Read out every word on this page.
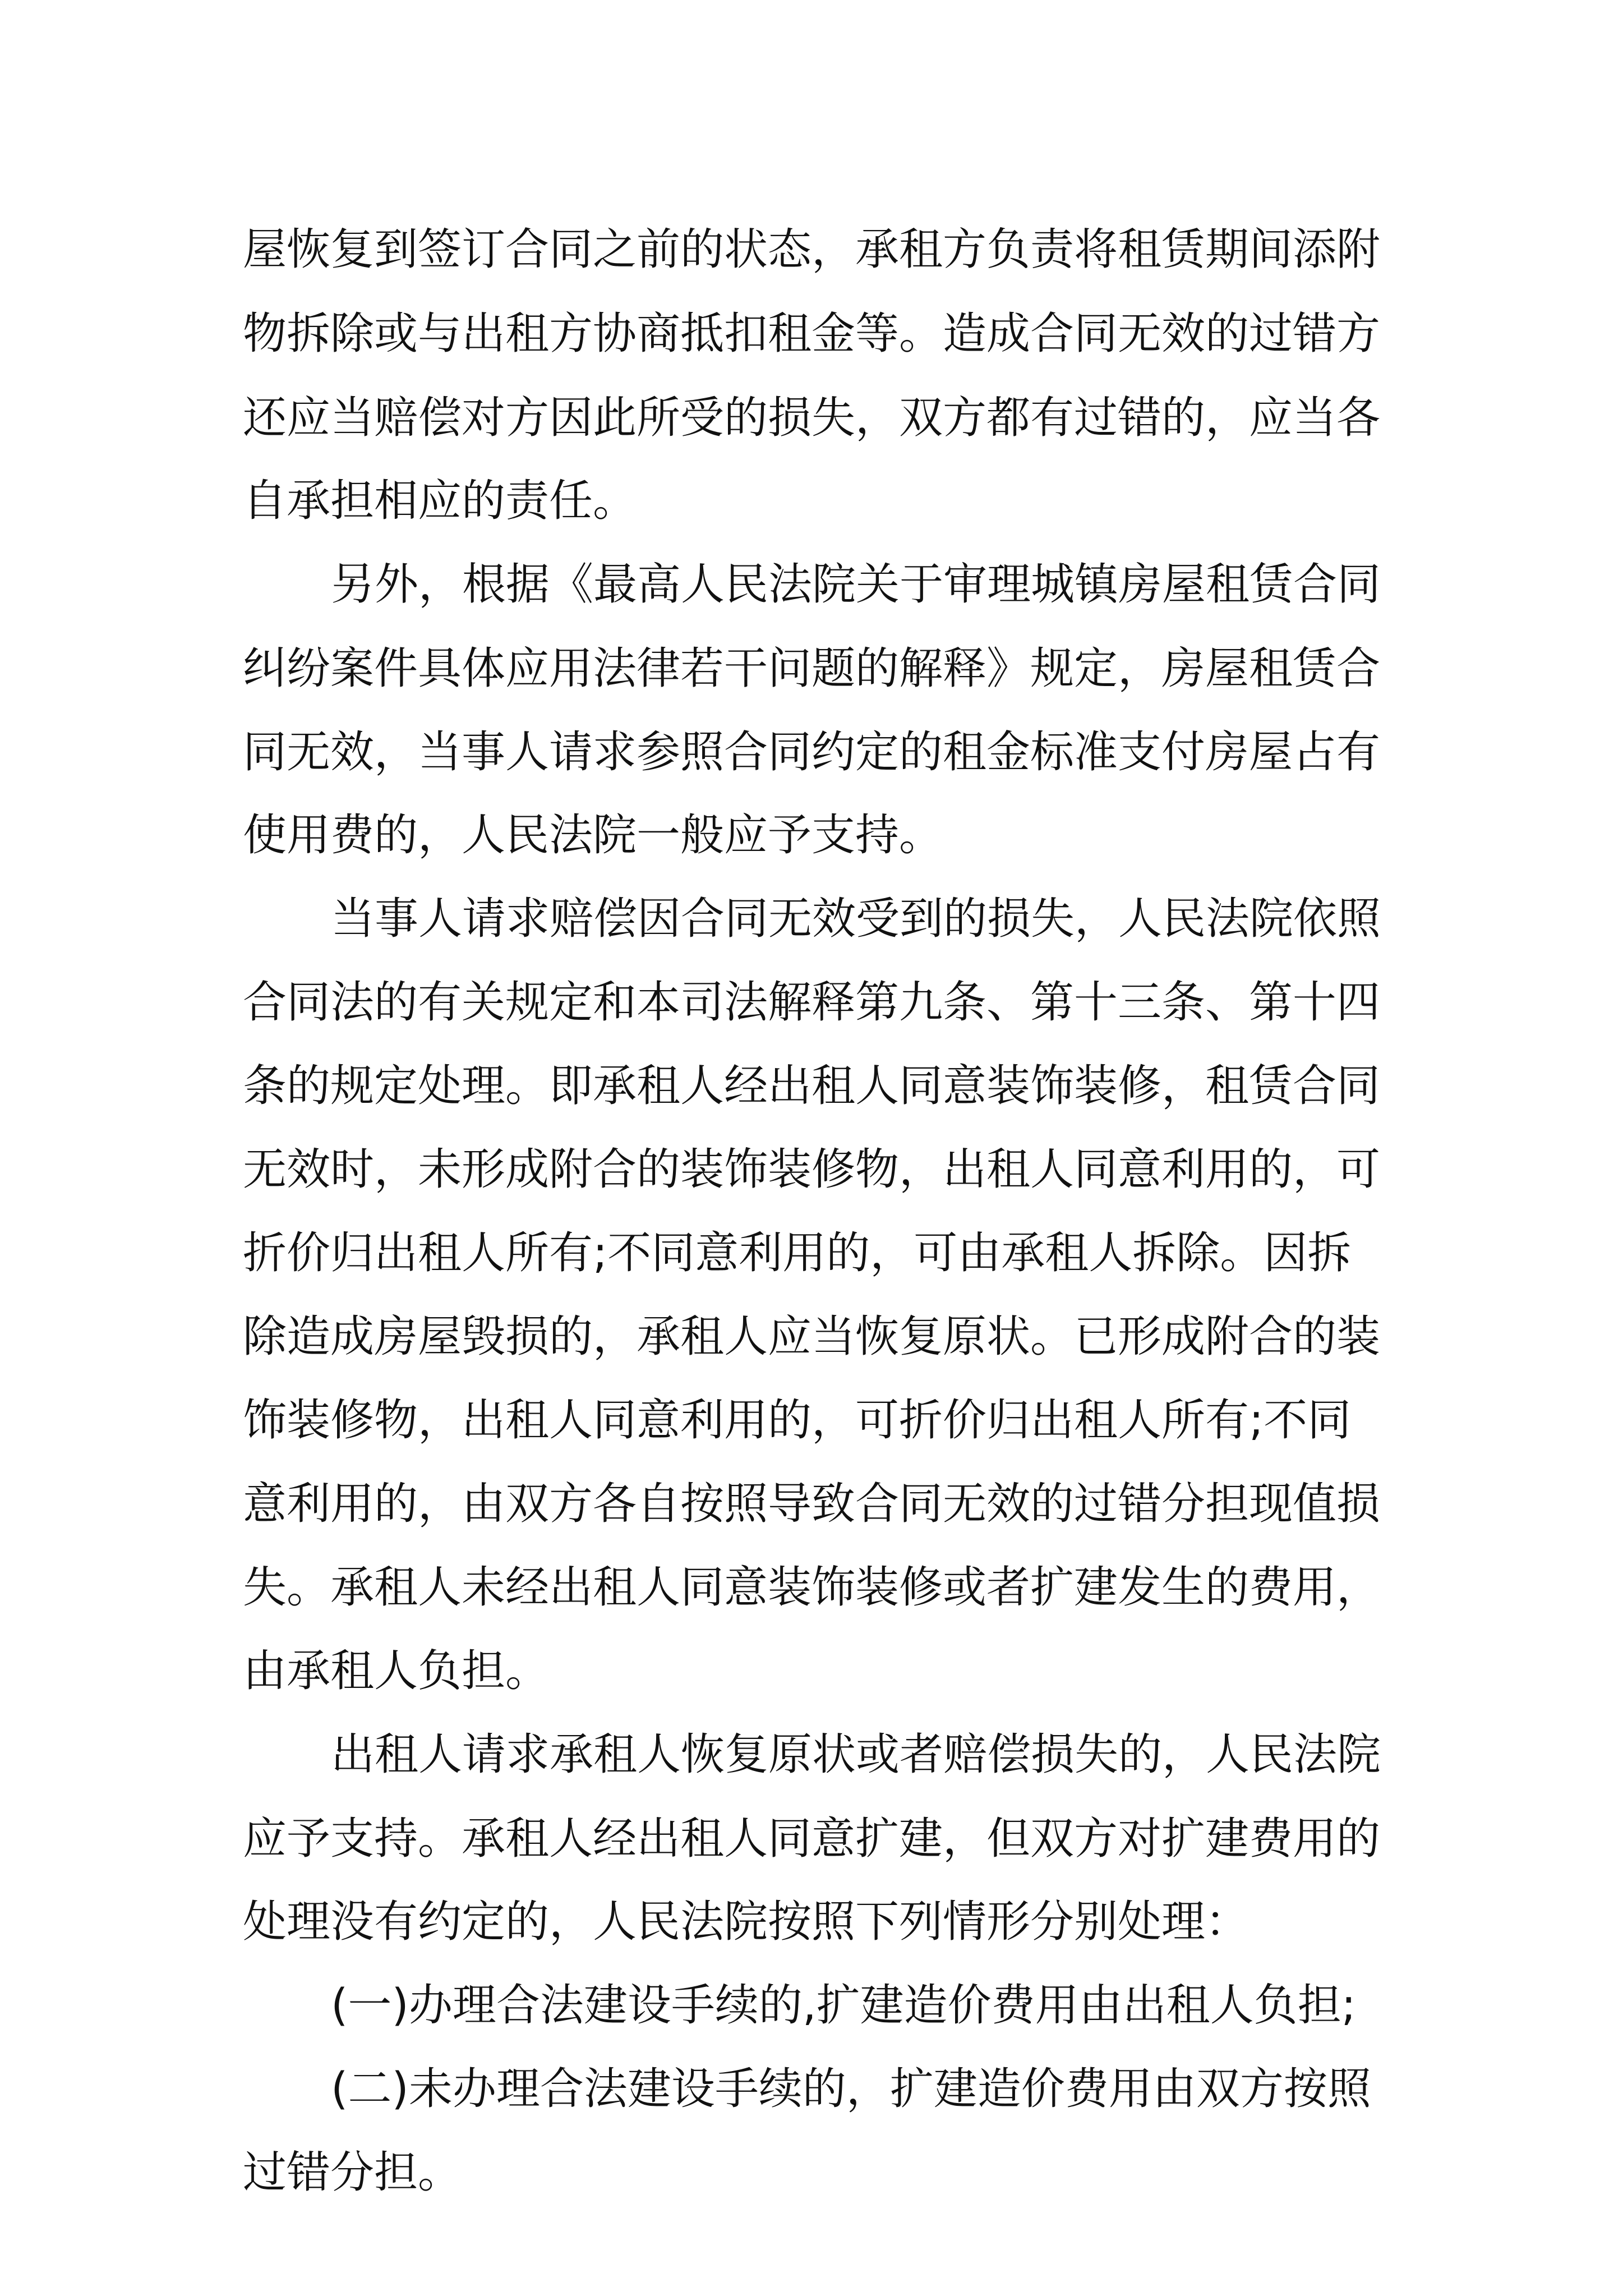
屋恢复到签订合同之前的状态，承租方负责将租赁期间添附

物拆除或与出租方协商抵扣租金等。造成合同无效的过错方

还应当赔偿对方因此所受的损失，双方都有过错的，应当各

自承担相应的责任。

另外，根据《最高人民法院关于审理城镇房屋租赁合同

纠纷案件具体应用法律若干问题的解释》规定，房屋租赁合

同无效，当事人请求参照合同约定的租金标准支付房屋占有

使用费的，人民法院一般应予支持。

当事人请求赔偿因合同无效受到的损失，人民法院依照

合同法的有关规定和本司法解释第九条、第十三条、第十四

条的规定处理。即承租人经出租人同意装饰装修，租赁合同

无效时，未形成附合的装饰装修物，出租人同意利用的，可

折价归出租人所有;不同意利用的，可由承租人拆除。因拆

除造成房屋毁损的，承租人应当恢复原状。已形成附合的装

饰装修物，出租人同意利用的，可折价归出租人所有;不同

意利用的，由双方各自按照导致合同无效的过错分担现值损

失。承租人未经出租人同意装饰装修或者扩建发生的费用，

由承租人负担。

出租人请求承租人恢复原状或者赔偿损失的，人民法院

应予支持。承租人经出租人同意扩建，但双方对扩建费用的

处理没有约定的，人民法院按照下列情形分别处理：

(一)办理合法建设手续的,扩建造价费用由出租人负担;

(二)未办理合法建设手续的，扩建造价费用由双方按照

过错分担。
